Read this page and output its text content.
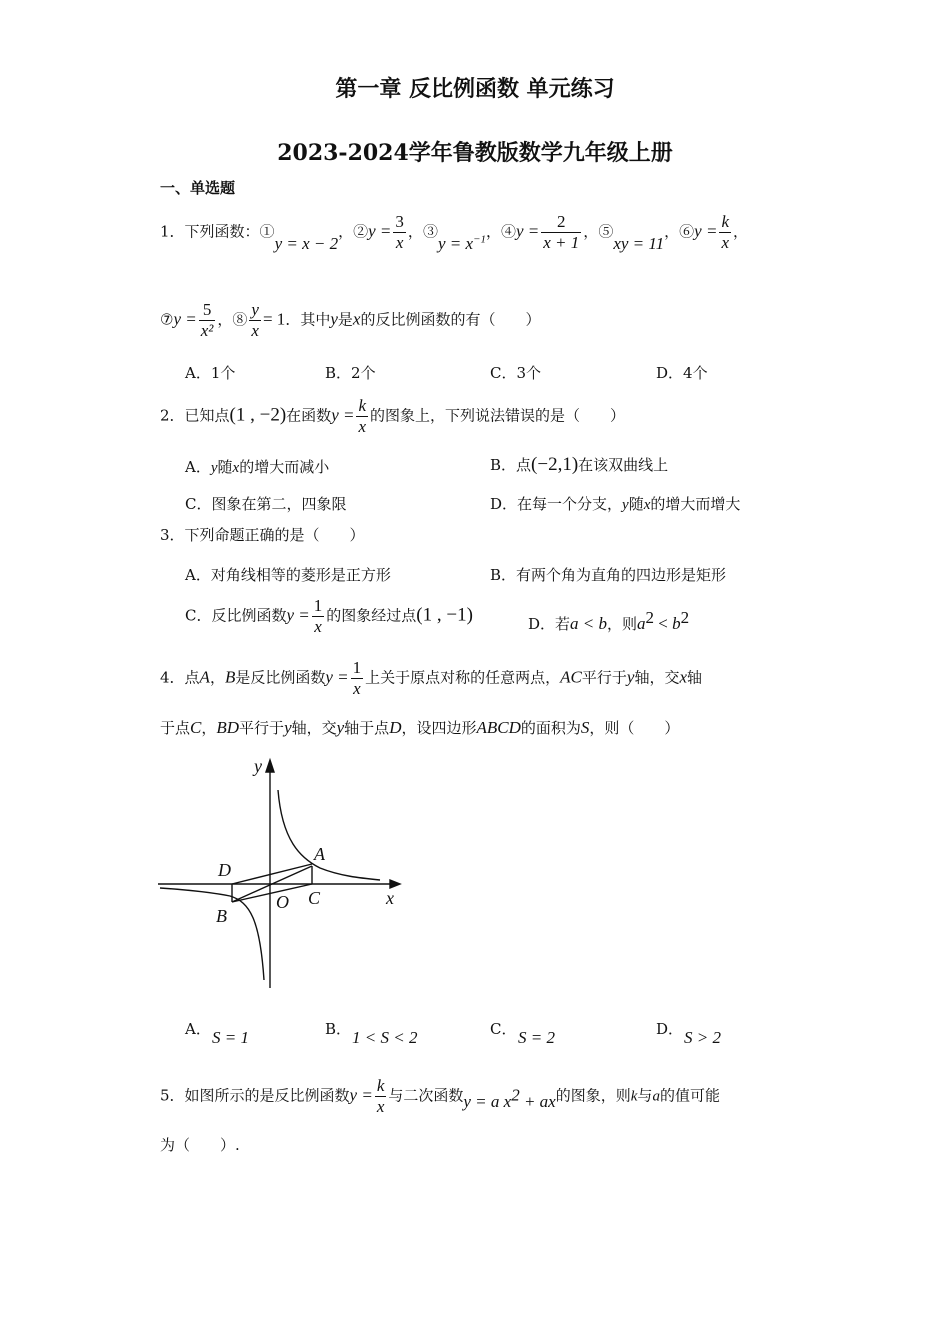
第一章 反比例函数 单元练习
2023-2024学年鲁教版数学九年级上册
一、单选题
1．下列函数：①y = x − 2，②y = $\frac{3}{x}$ ，③y = $x^{-1}$，④y = $\frac{2}{x + 1}$ ，⑤xy = 11，⑥y = $\frac{k}{x}$ ，
⑦y = $\frac{5}{\text{x²}}$ ，⑧ $\frac{y}{x} = 1$．其中y是x的反比例函数的有（　　）
A．1个	B．2个	C．3个	D．4个
2．已知点(1 , −2)在函数$y = \frac{k}{x}$ 的图象上，下列说法错误的是（　　）
A．y随x的增大而减小	B．点(−2,1)在该双曲线上
C．图象在第二，四象限	D．在每一个分支，y随x的增大而增大
3．下列命题正确的是（　　）
A．对角线相等的菱形是正方形	B．有两个角为直角的四边形是矩形
C．反比例函数$y = \frac{1}{x}$ 的图象经过点(1 , −1)	D．若a < b，则$a^2 < b^2$
4．点A，B是反比例函数$y = \frac{1}{x}$ 上关于原点对称的任意两点，AC平行于y轴，交x轴
于点C，BD平行于y轴，交y轴于点D，设四边形ABCD的面积为S，则（　　）
y
x
O
A
B
C
D
A． S = 1	B． 1 < S < 2	C． S = 2	D． S > 2
5．如图所示的是反比例函数$y = \frac{k}{x}$ 与二次函数y = a $x^2$ + ax的图象，则k与a的值可能
为（　　）.
